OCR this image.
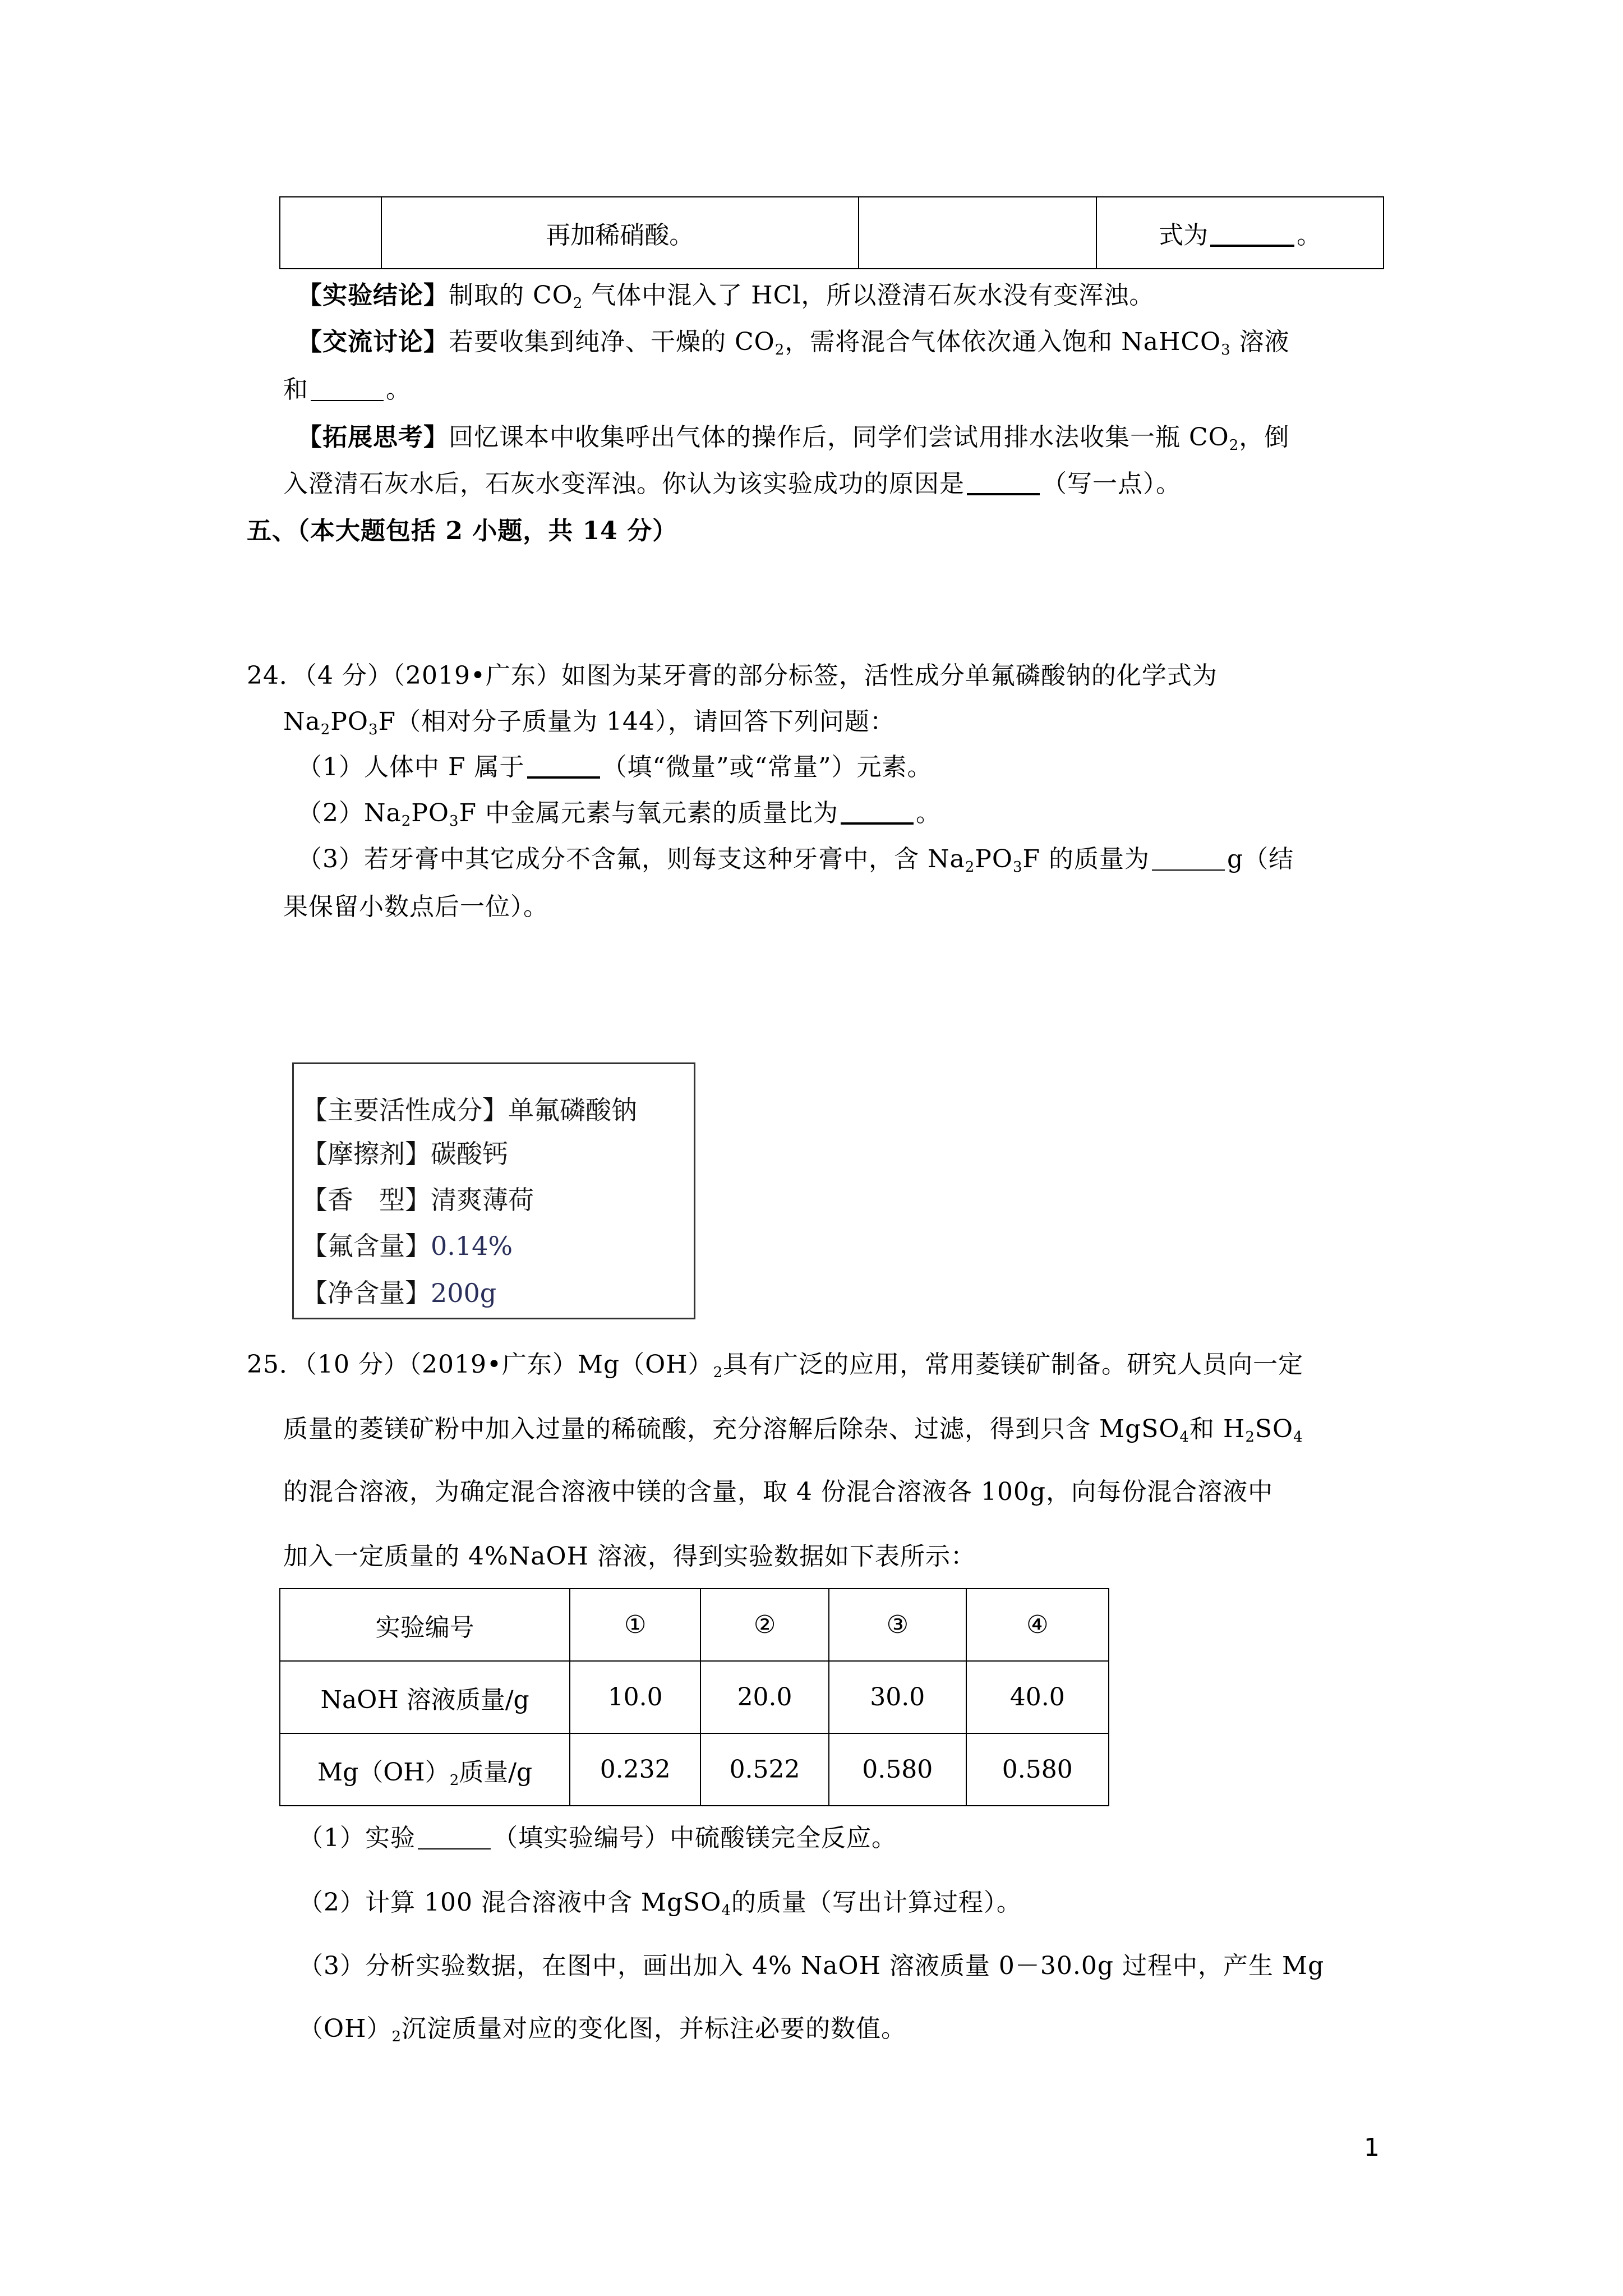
	再加稀硝酸。		式为	。
【实验结论】制取的 $CO_2$ 气体中混入了 HCl，所以澄清石灰水没有变浑浊。
【交流讨论】若要收集到纯净、干燥的 $CO_2$，需将混合气体依次通入饱和 NaHCO$_3$ 溶液
和	。
【拓展思考】回忆课本中收集呼出气体的操作后，同学们尝试用排水法收集一瓶 $CO_2$，倒
入澄清石灰水后，石灰水变浑浊。你认为该实验成功的原因是	（写一点）。
五、（本大题包括 2 小题，共 14 分）
24．（4 分）（2019•广东）如图为某牙膏的部分标签，活性成分单氟磷酸钠的化学式为
$Na_2PO_3F$（相对分子质量为 144），请回答下列问题：
（1）人体中 F 属于	（填“微量”或“常量”）元素。
$(2)Na_2PO_3F$ 中金属元素与氧元素的质量比为	。
（3）若牙膏中其它成分不含氟，则每支这种牙膏中，含 $Na_2PO_3F$ 的质量为	g（结
果保留小数点后一位）。
【主要活性成分】单氟磷酸钠
【摩擦剂】碳酸钙
【香　型】清爽薄荷
【氟含量】0.14%
【净含量】200g
25．（10 分）（2019•广东）$Mg(OH)_2$具有广泛的应用，常用菱镁矿制备。研究人员向一定
质量的菱镁矿粉中加入过量的稀硫酸，充分溶解后除杂、过滤，得到只含 MgSO$_4$和 $H_2SO_4$
的混合溶液，为确定混合溶液中镁的含量，取 4 份混合溶液各 100g，向每份混合溶液中
加入一定质量的 4%NaOH 溶液，得到实验数据如下表所示：
实验编号	①	②	③	④
NaOH 溶液质量/g	10.0	20.0	30.0	40.0
$Mg(OH)_2$质量/g	0.232	0.522	0.580	0.580
（1）实验	（填实验编号）中硫酸镁完全反应。
（2）计算 100 混合溶液中含 MgSO$_4$的质量（写出计算过程）。
（3）分析实验数据，在图中，画出加入 4% NaOH 溶液质量 0－30.0g 过程中，产生 Mg
$(OH)_2$沉淀质量对应的变化图，并标注必要的数值。
1
